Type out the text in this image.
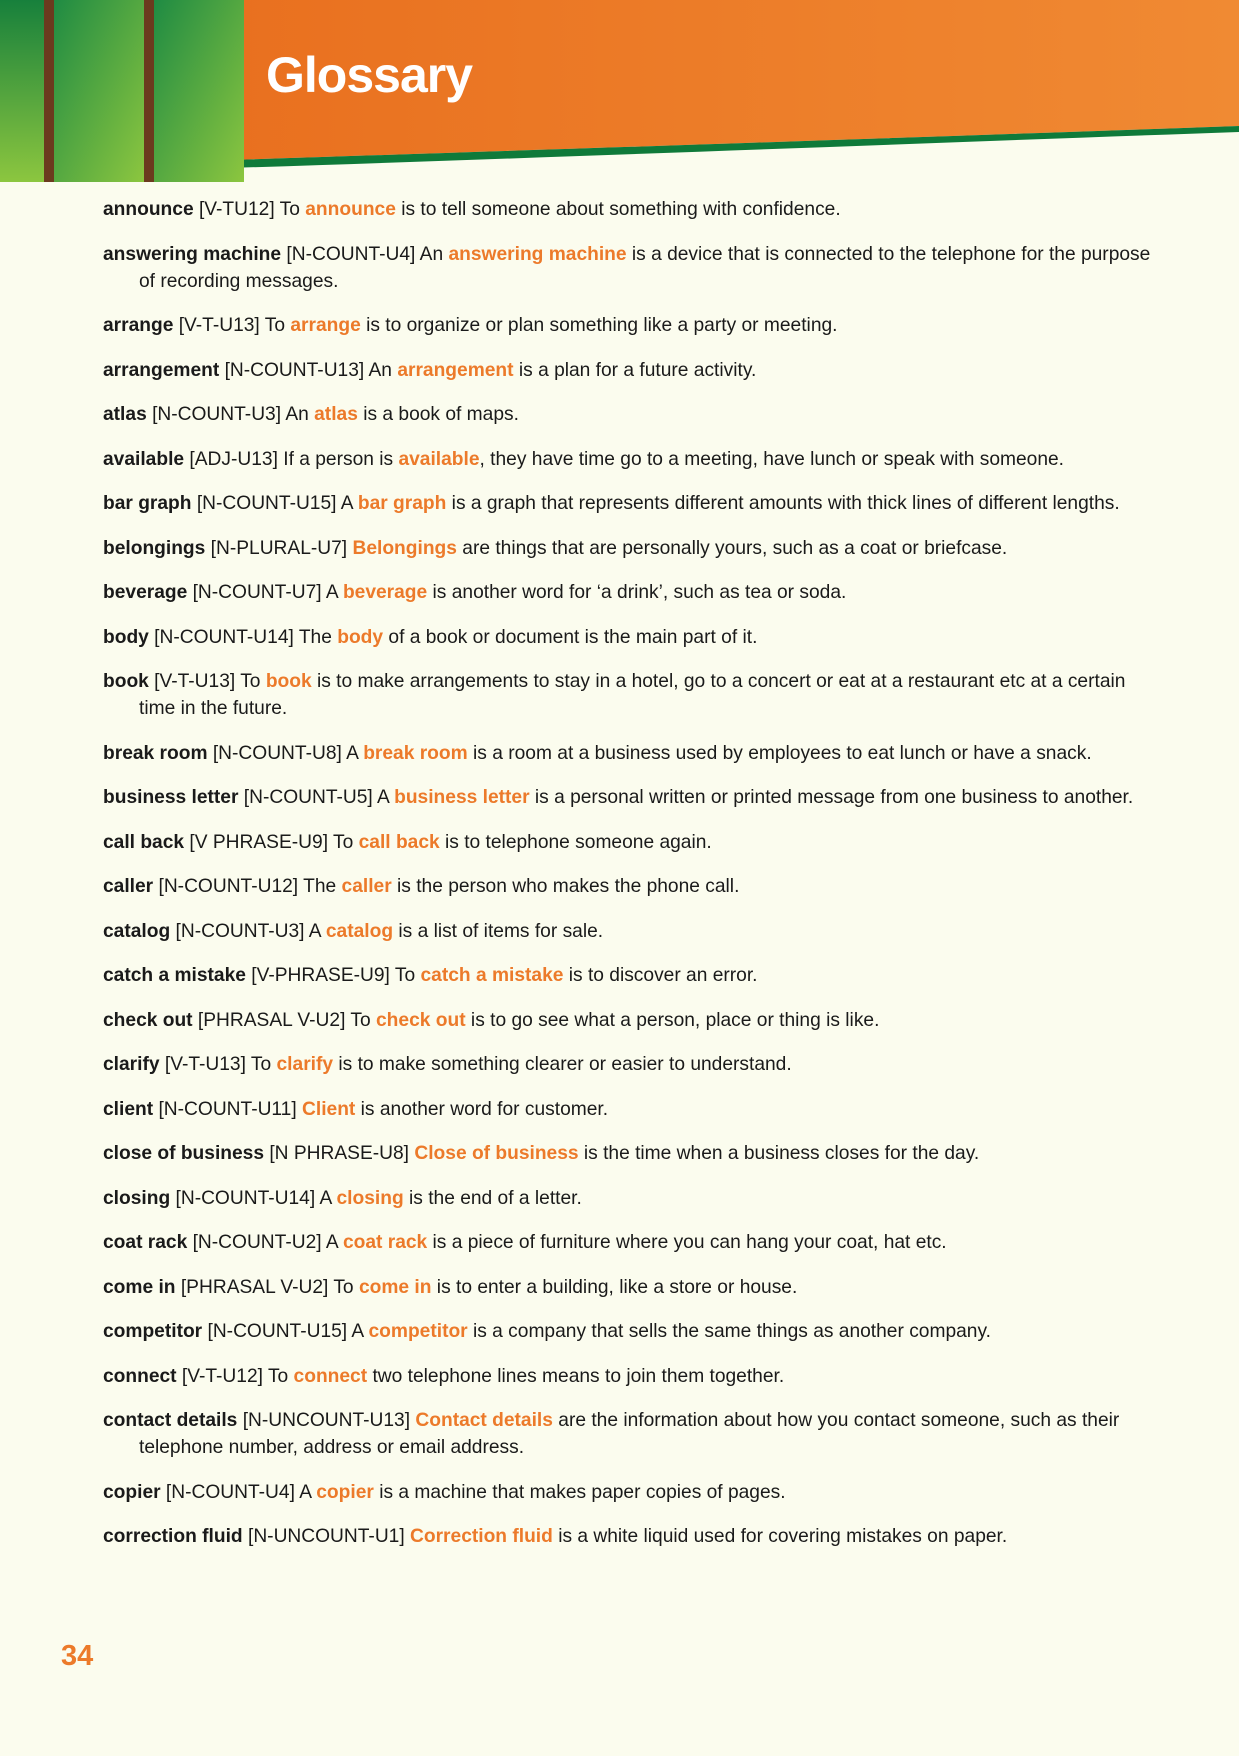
Glossary

announce [V-TU12] To announce is to tell someone about something with confidence.

answering machine [N-COUNT-U4] An answering machine is a device that is connected to the telephone for the purpose of recording messages.

arrange [V-T-U13] To arrange is to organize or plan something like a party or meeting.

arrangement [N-COUNT-U13] An arrangement is a plan for a future activity.

atlas [N-COUNT-U3] An atlas is a book of maps.

available [ADJ-U13] If a person is available, they have time go to a meeting, have lunch or speak with someone.

bar graph [N-COUNT-U15] A bar graph is a graph that represents different amounts with thick lines of different lengths.

belongings [N-PLURAL-U7] Belongings are things that are personally yours, such as a coat or briefcase.

beverage [N-COUNT-U7] A beverage is another word for ‘a drink’, such as tea or soda.

body [N-COUNT-U14] The body of a book or document is the main part of it.

book [V-T-U13] To book is to make arrangements to stay in a hotel, go to a concert or eat at a restaurant etc at a certain time in the future.

break room [N-COUNT-U8] A break room is a room at a business used by employees to eat lunch or have a snack.

business letter [N-COUNT-U5] A business letter is a personal written or printed message from one business to another.

call back [V PHRASE-U9] To call back is to telephone someone again.

caller [N-COUNT-U12] The caller is the person who makes the phone call.

catalog [N-COUNT-U3] A catalog is a list of items for sale.

catch a mistake [V-PHRASE-U9] To catch a mistake is to discover an error.

check out [PHRASAL V-U2] To check out is to go see what a person, place or thing is like.

clarify [V-T-U13] To clarify is to make something clearer or easier to understand.

client [N-COUNT-U11] Client is another word for customer.

close of business [N PHRASE-U8] Close of business is the time when a business closes for the day.

closing [N-COUNT-U14] A closing is the end of a letter.

coat rack [N-COUNT-U2] A coat rack is a piece of furniture where you can hang your coat, hat etc.

come in [PHRASAL V-U2] To come in is to enter a building, like a store or house.

competitor [N-COUNT-U15] A competitor is a company that sells the same things as another company.

connect [V-T-U12] To connect two telephone lines means to join them together.

contact details [N-UNCOUNT-U13] Contact details are the information about how you contact someone, such as their telephone number, address or email address.

copier [N-COUNT-U4] A copier is a machine that makes paper copies of pages.

correction fluid [N-UNCOUNT-U1] Correction fluid is a white liquid used for covering mistakes on paper.

34
